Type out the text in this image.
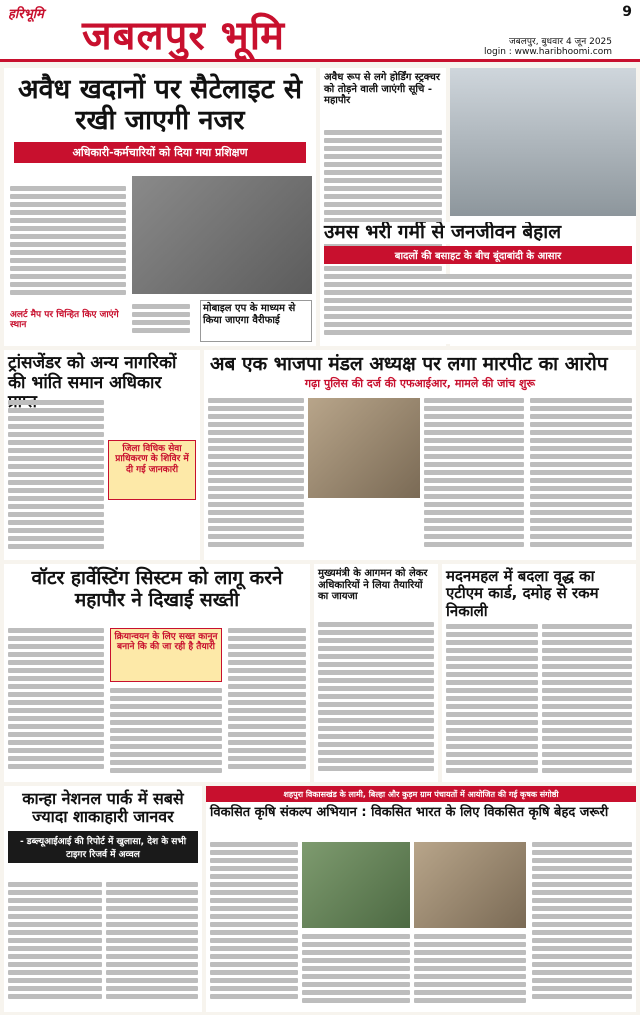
हरिभूमि जबलपुर भूमि	जबलपुर, बुधवार 4 जून 2025
login : www.haribhoomi.com
9
अवैध खदानों पर सैटेलाइट से रखी जाएगी नजर
अधिकारी-कर्मचारियों को दिया गया प्रशिक्षण
अलर्ट मैप पर चिन्हित किए जाएंगे स्थान
मोबाइल एप के माध्यम से किया जाएगा वैरीफाई
अवैध रूप से लगे होर्डिंग स्ट्रक्चर को तोड़ने वाली जाएंगी सूचि - महापौर
उमस भरी गर्मी से जनजीवन बेहाल
बादलों की बसाहट के बीच बूंदाबांदी के आसार
ट्रांसजेंडर को अन्य नागरिकों की भांति समान अधिकार
जिला विधिक सेवा प्राधिकरण के शिविर में दी गई जानकारी
अब एक भाजपा मंडल अध्यक्ष पर लगा मारपीट का आरोप
गढ़ा पुलिस की दर्ज की एफआईआर, मामले की जांच शुरू
वॉटर हार्वेस्टिंग सिस्टम को लागू करने महापौर ने दिखाई सख्ती
क्रियान्वयन के लिए सख्त कानून बनाने कि की जा रही है तैयारी
मुख्यमंत्री के आगमन को लेकर अधिकारियों ने लिया तैयारियों का जायजा
मदनमहल में बदला वृद्ध का एटीएम कार्ड, दमोह से रकम निकाली
शहपुरा विकासखंड के लामी, बिल्हा और कुड़म ग्राम पंचायतों में आयोजित की गई कृषक संगोष्ठी
कान्हा नेशनल पार्क में सबसे ज्यादा शाकाहारी जानवर
- डब्ल्यूआईआई की रिपोर्ट में खुलासा, देश के सभी टाइगर रिजर्व में अव्वल
विकसित कृषि संकल्प अभियान : विकसित भारत के लिए विकसित कृषि बेहद जरूरी
